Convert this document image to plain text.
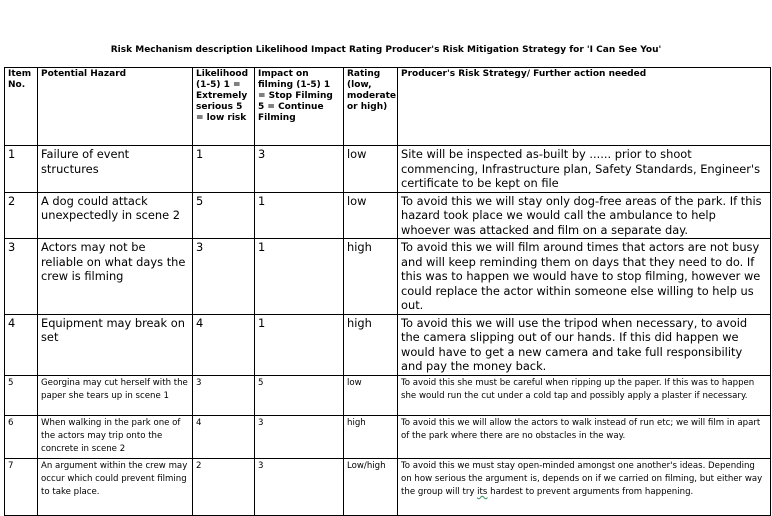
Risk Mechanism description Likelihood Impact Rating Producer's Risk Mitigation Strategy for 'I Can See You'
Item No.	Potential Hazard	Likelihood (1-5) 1 = Extremely serious 5 = low risk	Impact on filming (1-5) 1 = Stop Filming 5 = Continue Filming	Rating (low, moderate or high)	Producer's Risk Strategy/ Further action needed
1	Failure of event structures	1	3	low	Site will be inspected as-built by ...... prior to shoot commencing, Infrastructure plan, Safety Standards, Engineer's certificate to be kept on file
2	A dog could attack unexpectedly in scene 2	5	1	low	To avoid this we will stay only dog-free areas of the park. If this hazard took place we would call the ambulance to help whoever was attacked and film on a separate day.
3	Actors may not be reliable on what days the crew is filming	3	1	high	To avoid this we will film around times that actors are not busy and will keep reminding them on days that they need to do. If this was to happen we would have to stop filming, however we could replace the actor within someone else willing to help us out.
4	Equipment may break on set	4	1	high	To avoid this we will use the tripod when necessary, to avoid the camera slipping out of our hands. If this did happen we would have to get a new camera and take full responsibility and pay the money back.
5	Georgina may cut herself with the paper she tears up in scene 1	3	5	low	To avoid this she must be careful when ripping up the paper. If this was to happen she would run the cut under a cold tap and possibly apply a plaster if necessary.
6	When walking in the park one of the actors may trip onto the concrete in scene 2	4	3	high	To avoid this we will allow the actors to walk instead of run etc; we will film in apart of the park where there are no obstacles in the way.
7	An argument within the crew may occur which could prevent filming to take place.	2	3	Low/high	To avoid this we must stay open-minded amongst one another's ideas. Depending on how serious the argument is, depends on if we carried on filming, but either way the group will try its hardest to prevent arguments from happening.
